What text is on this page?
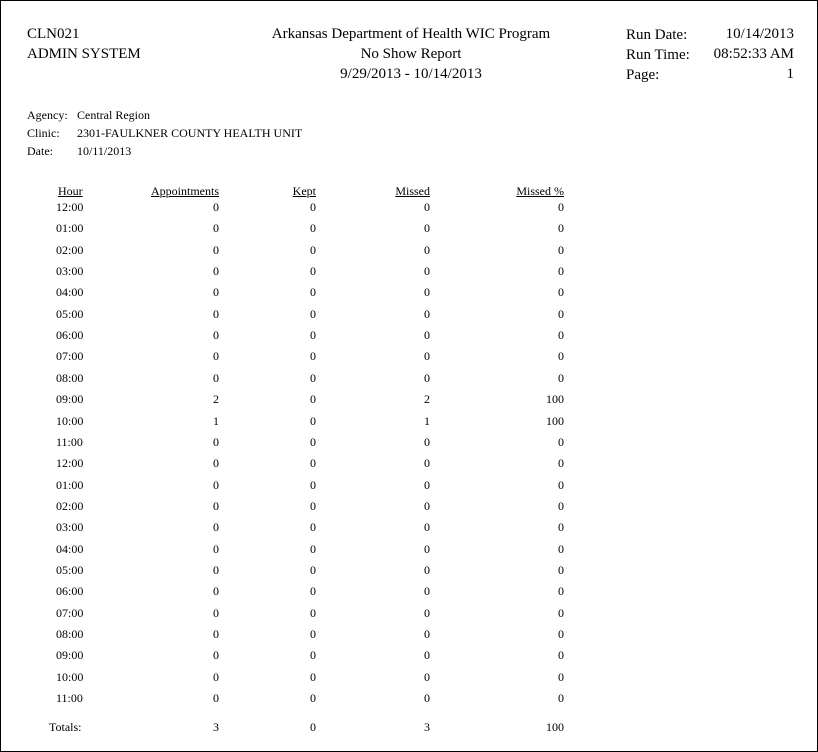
CLN021
ADMIN SYSTEM
Arkansas Department of Health WIC Program
No Show Report
9/29/2013 - 10/14/2013
Run Date:	10/14/2013
Run Time:	08:52:33 AM
Page:	1
Agency: Central Region
Clinic: 2301-FAULKNER COUNTY HEALTH UNIT
Date: 10/11/2013
Hour	Appointments	Kept	Missed	Missed %
12:00	0	0	0	0
01:00	0	0	0	0
02:00	0	0	0	0
03:00	0	0	0	0
04:00	0	0	0	0
05:00	0	0	0	0
06:00	0	0	0	0
07:00	0	0	0	0
08:00	0	0	0	0
09:00	2	0	2	100
10:00	1	0	1	100
11:00	0	0	0	0
12:00	0	0	0	0
01:00	0	0	0	0
02:00	0	0	0	0
03:00	0	0	0	0
04:00	0	0	0	0
05:00	0	0	0	0
06:00	0	0	0	0
07:00	0	0	0	0
08:00	0	0	0	0
09:00	0	0	0	0
10:00	0	0	0	0
11:00	0	0	0	0
Totals:	3	0	3	100
